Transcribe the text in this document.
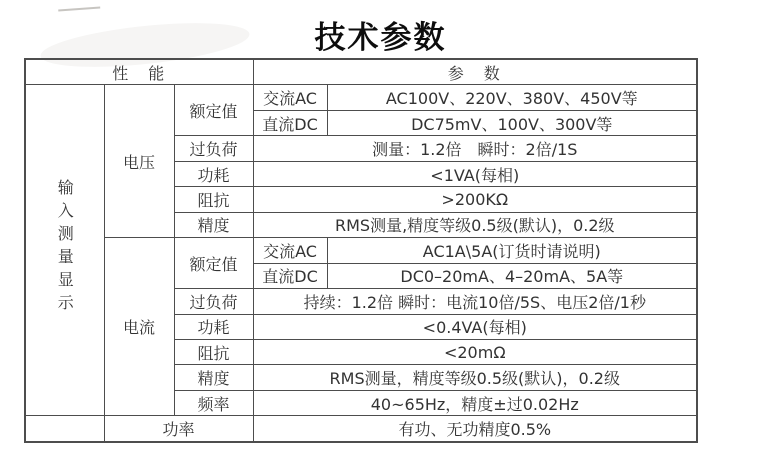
技术参数
性　能			参　数	
输入测量显示	电压	额定值	交流AC	AC100V、220V、380V、450V等
			直流DC	DC75mV、100V、300V等
		过负荷	测量：1.2倍　瞬时：2倍/1S	
		功耗	<1VA(每相)	
		阻抗	>200KΩ	
		精度	RMS测量,精度等级0.5级(默认)，0.2级	
	电流	额定值	交流AC	AC1A\5A(订货时请说明)
			直流DC	DC0–20mA、4–20mA、5A等
		过负荷	持续：1.2倍 瞬时：电流10倍/5S、电压2倍/1秒	
		功耗	<0.4VA(每相)	
		阻抗	<20mΩ	
		精度	RMS测量，精度等级0.5级(默认)，0.2级	
		频率	40~65Hz，精度±过0.02Hz	
	功率		有功、无功精度0.5%	
